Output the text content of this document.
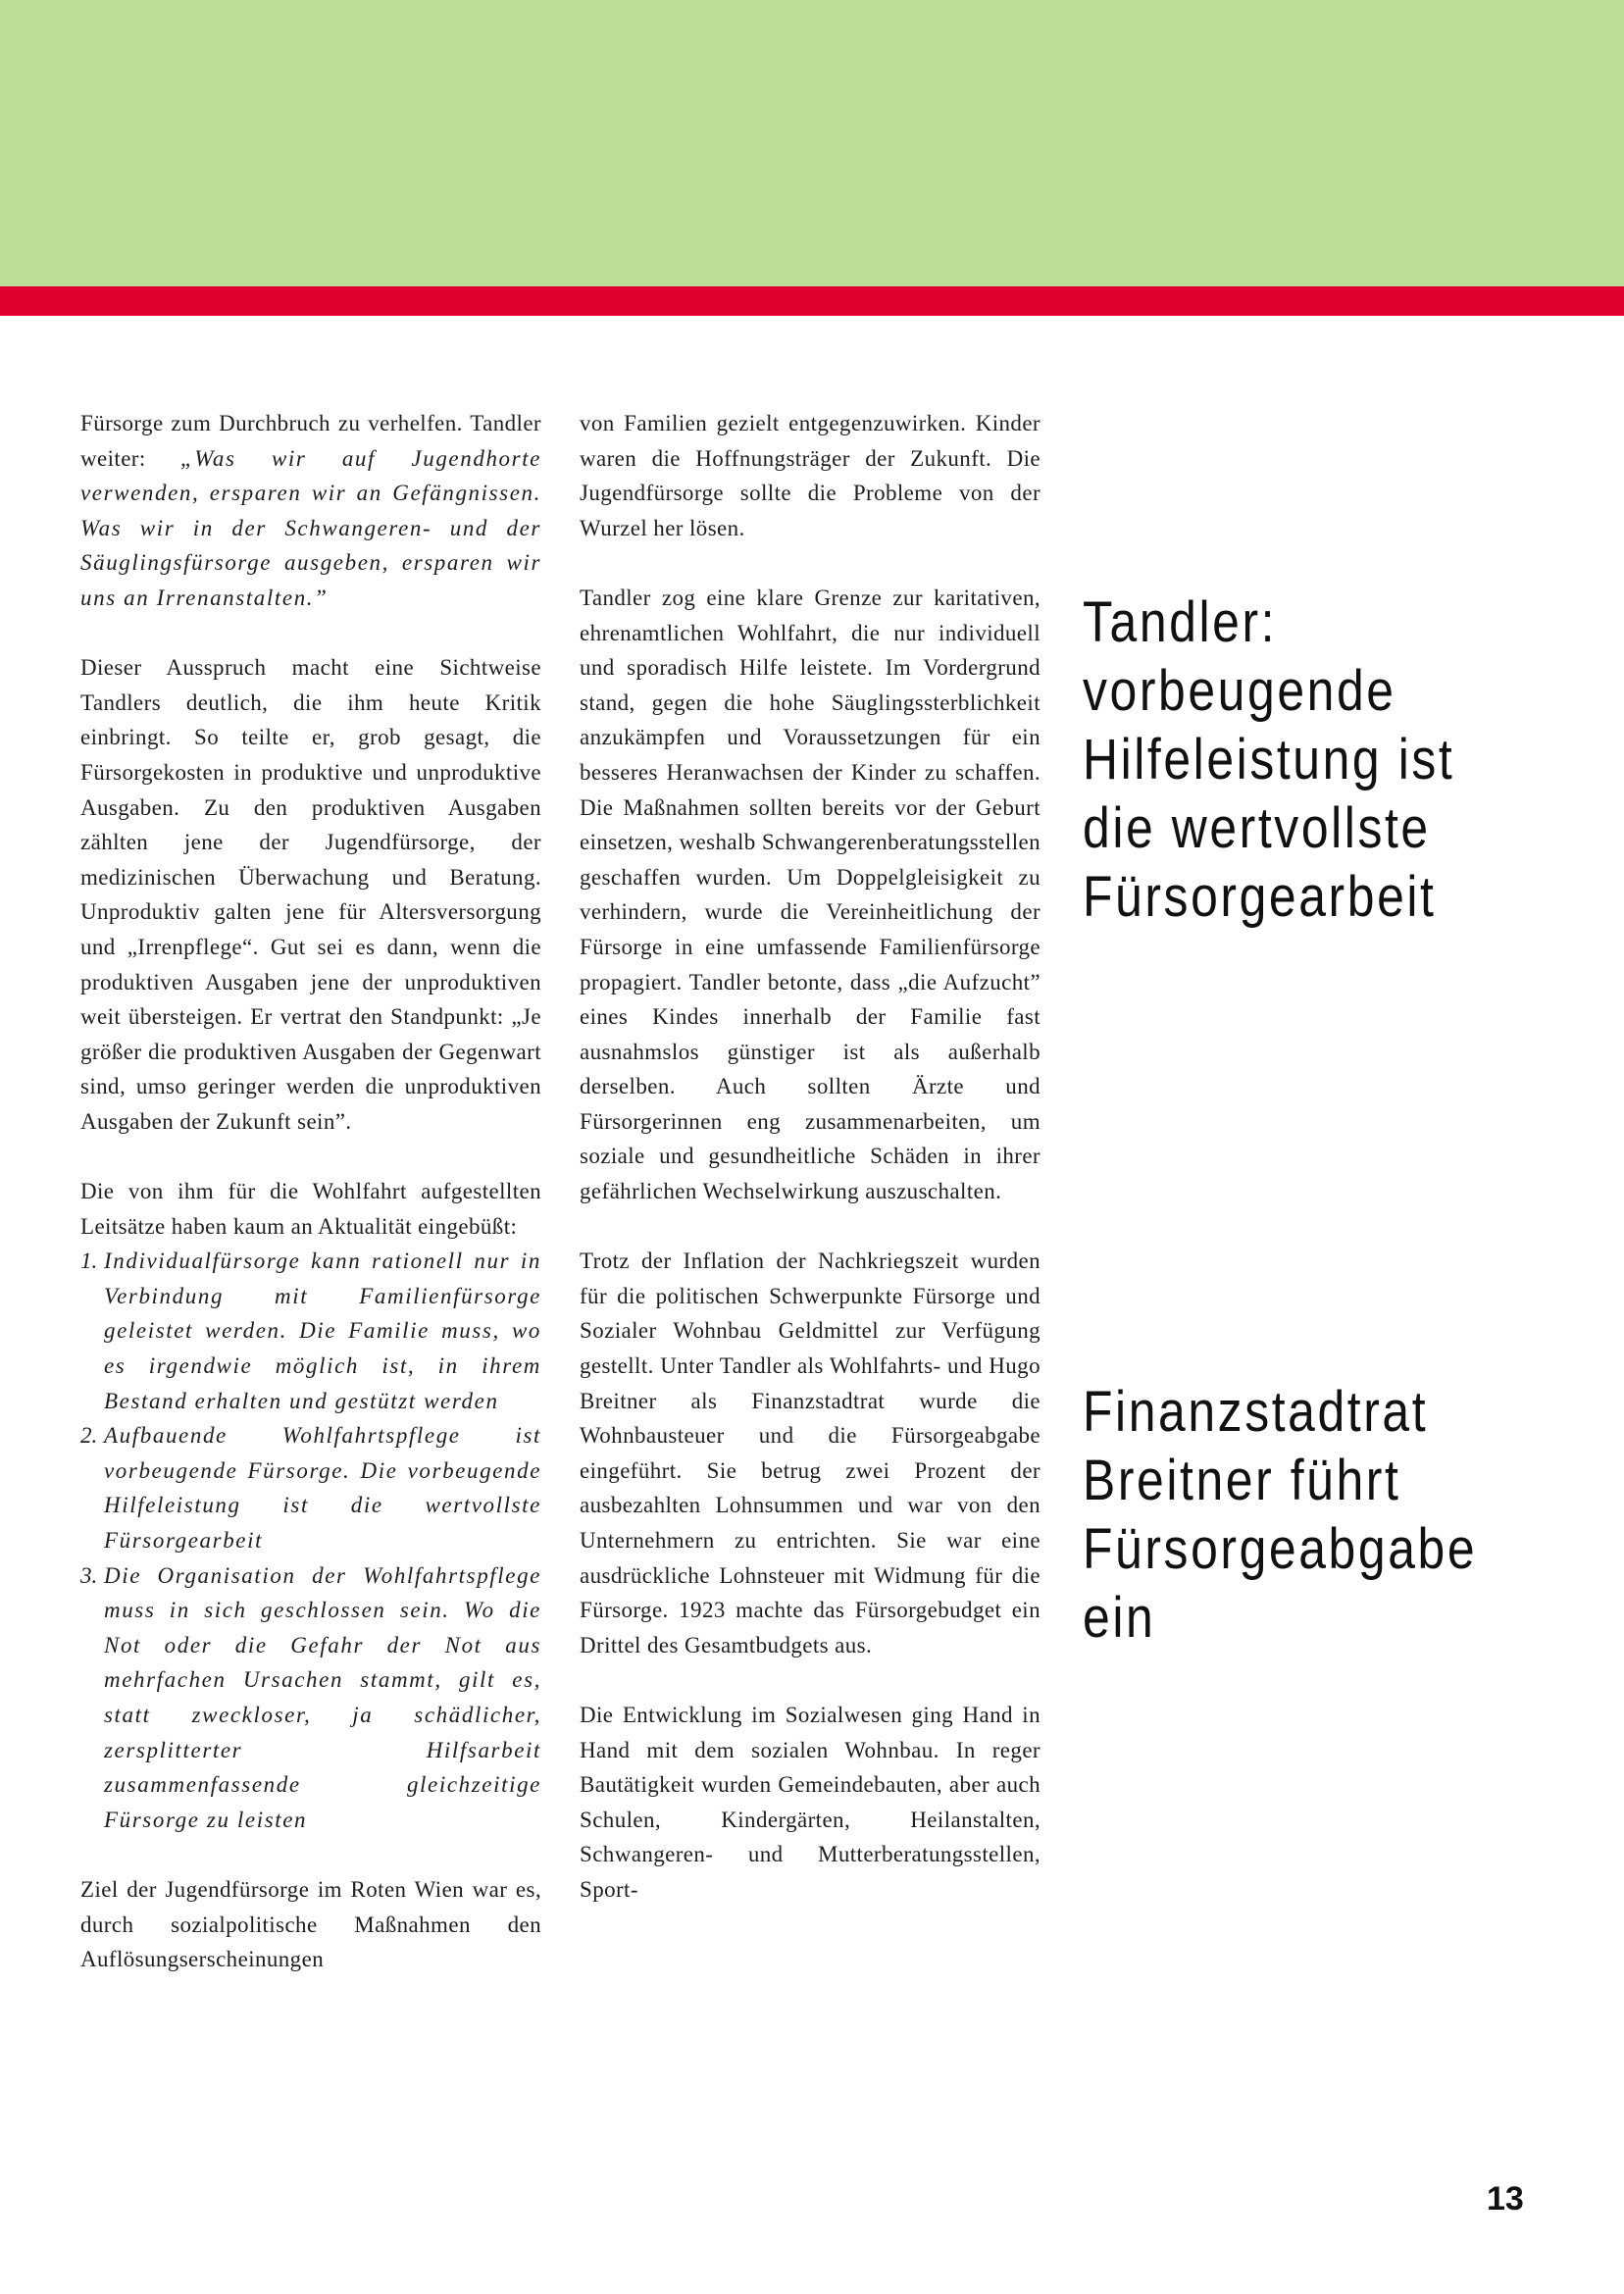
Fürsorge zum Durchbruch zu verhelfen. Tandler weiter: „Was wir auf Jugendhorte verwenden, ersparen wir an Gefängnissen. Was wir in der Schwangeren- und der Säuglingsfürsorge ausgeben, ersparen wir uns an Irrenanstalten.”

Dieser Ausspruch macht eine Sichtweise Tandlers deutlich, die ihm heute Kritik einbringt. So teilte er, grob gesagt, die Fürsorgekosten in produktive und unproduktive Ausgaben. Zu den produktiven Ausgaben zählten jene der Jugendfürsorge, der medizinischen Überwachung und Beratung. Unproduktiv galten jene für Altersversorgung und „Irrenpflege“. Gut sei es dann, wenn die produktiven Ausgaben jene der unproduktiven weit übersteigen. Er vertrat den Standpunkt: „Je größer die produktiven Ausgaben der Gegenwart sind, umso geringer werden die unproduktiven Ausgaben der Zukunft sein”.

Die von ihm für die Wohlfahrt aufgestellten Leitsätze haben kaum an Aktualität eingebüßt:

1. Individualfürsorge kann rationell nur in Verbindung mit Familienfürsorge geleistet werden. Die Familie muss, wo es irgendwie möglich ist, in ihrem Bestand erhalten und gestützt werden
2. Aufbauende Wohlfahrtspflege ist vorbeugende Fürsorge. Die vorbeugende Hilfeleistung ist die wertvollste Fürsorgearbeit
3. Die Organisation der Wohlfahrtspflege muss in sich geschlossen sein. Wo die Not oder die Gefahr der Not aus mehrfachen Ursachen stammt, gilt es, statt zweckloser, ja schädlicher, zersplitterter Hilfsarbeit zusammenfassende gleichzeitige Fürsorge zu leisten

Ziel der Jugendfürsorge im Roten Wien war es, durch sozialpolitische Maßnahmen den Auflösungserscheinungen

von Familien gezielt entgegenzuwirken. Kinder waren die Hoffnungsträger der Zukunft. Die Jugendfürsorge sollte die Probleme von der Wurzel her lösen.

Tandler zog eine klare Grenze zur karitativen, ehrenamtlichen Wohlfahrt, die nur individuell und sporadisch Hilfe leistete. Im Vordergrund stand, gegen die hohe Säuglingssterblichkeit anzukämpfen und Voraussetzungen für ein besseres Heranwachsen der Kinder zu schaffen. Die Maßnahmen sollten bereits vor der Geburt einsetzen, weshalb Schwangerenberatungsstellen geschaffen wurden. Um Doppelgleisigkeit zu verhindern, wurde die Vereinheitlichung der Fürsorge in eine umfassende Familienfürsorge propagiert. Tandler betonte, dass „die Aufzucht” eines Kindes innerhalb der Familie fast ausnahmslos günstiger ist als außerhalb derselben. Auch sollten Ärzte und Fürsorgerinnen eng zusammenarbeiten, um soziale und gesundheitliche Schäden in ihrer gefährlichen Wechselwirkung auszuschalten.

Trotz der Inflation der Nachkriegszeit wurden für die politischen Schwerpunkte Fürsorge und Sozialer Wohnbau Geldmittel zur Verfügung gestellt. Unter Tandler als Wohlfahrts- und Hugo Breitner als Finanzstadtrat wurde die Wohnbausteuer und die Fürsorgeabgabe eingeführt. Sie betrug zwei Prozent der ausbezahlten Lohnsummen und war von den Unternehmern zu entrichten. Sie war eine ausdrückliche Lohnsteuer mit Widmung für die Fürsorge. 1923 machte das Fürsorgebudget ein Drittel des Gesamtbudgets aus.

Die Entwicklung im Sozialwesen ging Hand in Hand mit dem sozialen Wohnbau. In reger Bautätigkeit wurden Gemeindebauten, aber auch Schulen, Kindergärten, Heilanstalten, Schwangeren- und Mutterberatungsstellen, Sport-

Tandler:
vorbeugende
Hilfeleistung ist
die wertvollste
Fürsorgearbeit
Finanzstadtrat
Breitner führt
Fürsorgeabgabe
ein
13
